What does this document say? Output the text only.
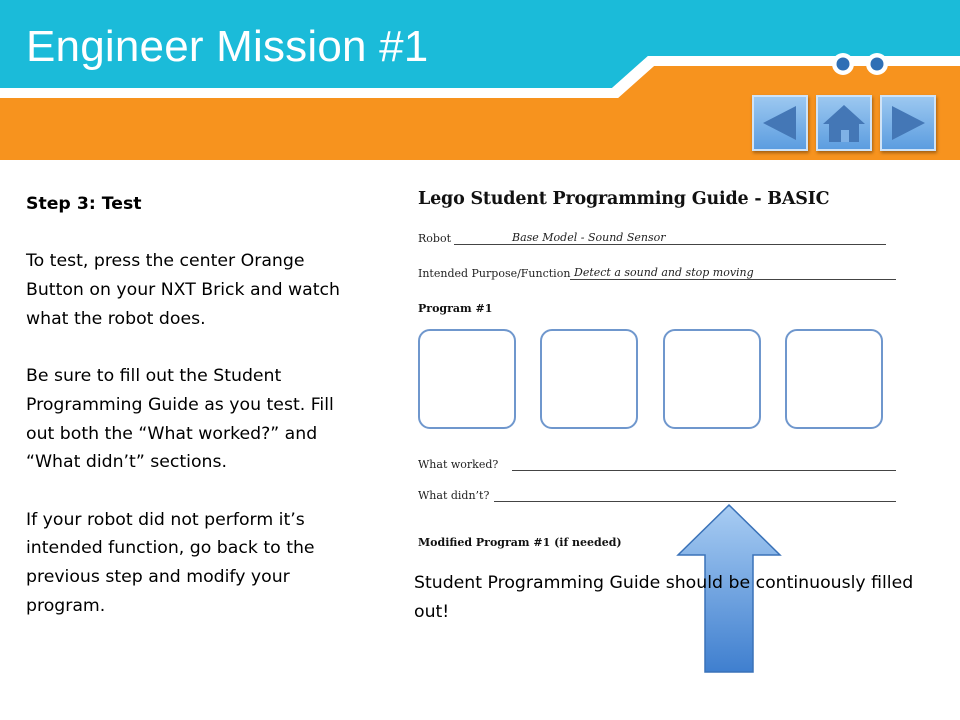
Engineer Mission #1

Step 3: Test

To test, press the center Orange Button on your NXT Brick and watch what the robot does.

Be sure to fill out the Student Programming Guide as you test. Fill out both the “What worked?” and “What didn’t” sections.

If your robot did not perform it’s intended function, go back to the previous step and modify your program.

Lego Student Programming Guide - BASIC
Robot	Base Model - Sound Sensor
Intended Purpose/Function Detect a sound and stop moving
Program #1
What worked?
What didn’t?
Modified Program #1 (if needed)
Student Programming Guide should be continuously filled out!
